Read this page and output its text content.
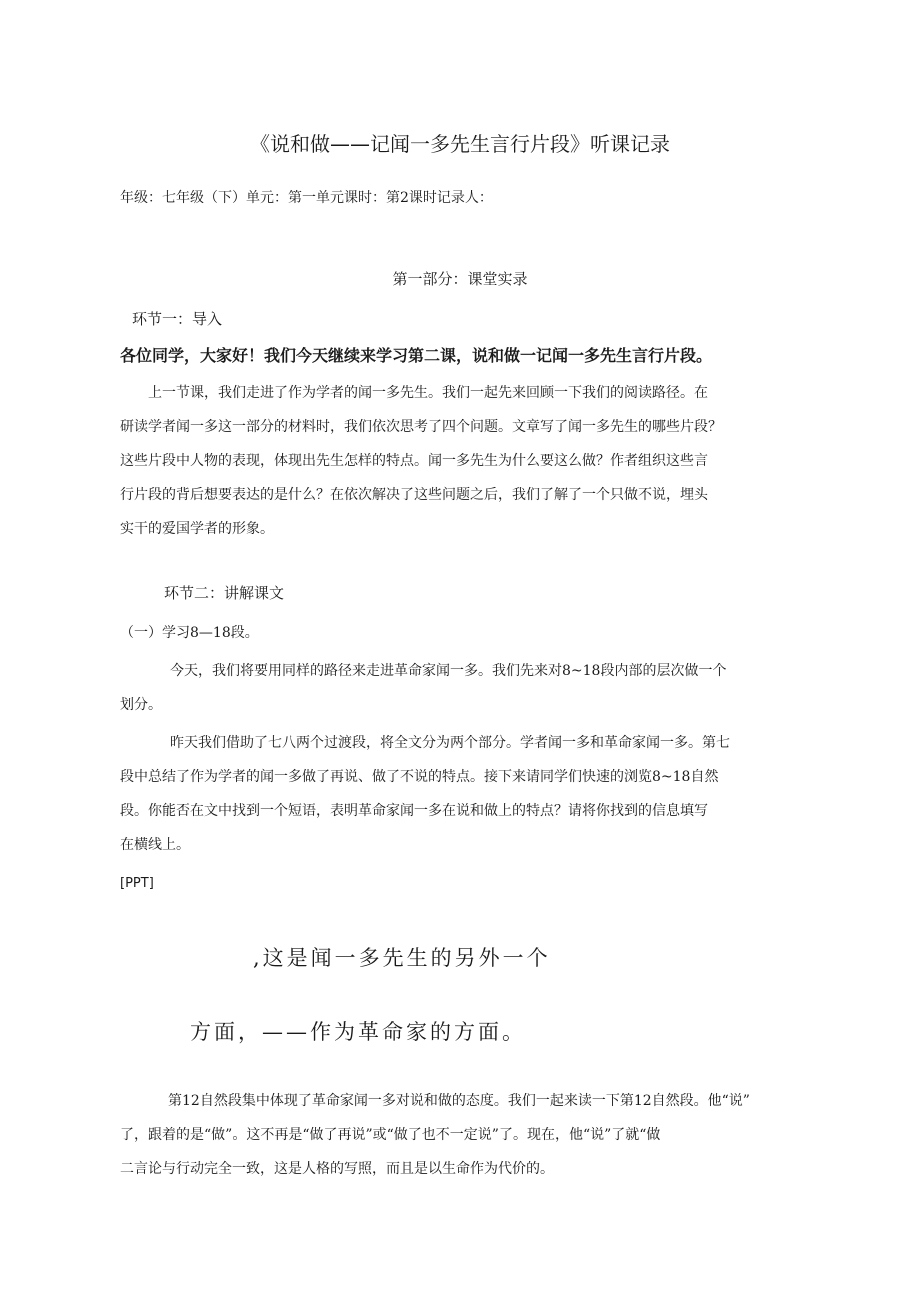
《说和做——记闻一多先生言行片段》听课记录
年级：七年级（下）单元：第一单元课时：第2课时记录人：
第一部分：课堂实录
环节一：导入
各位同学，大家好！我们今天继续来学习第二课，说和做一记闻一多先生言行片段。

上一节课，我们走进了作为学者的闻一多先生。我们一起先来回顾一下我们的阅读路径。在

研读学者闻一多这一部分的材料时，我们依次思考了四个问题。文章写了闻一多先生的哪些片段？

这些片段中人物的表现，体现出先生怎样的特点。闻一多先生为什么要这么做？作者组织这些言

行片段的背后想要表达的是什么？在依次解决了这些问题之后，我们了解了一个只做不说，埋头

实干的爱国学者的形象。

环节二：讲解课文
（一）学习8—18段。

今天，我们将要用同样的路径来走进革命家闻一多。我们先来对8~18段内部的层次做一个

划分。

昨天我们借助了七八两个过渡段，将全文分为两个部分。学者闻一多和革命家闻一多。第七

段中总结了作为学者的闻一多做了再说、做了不说的特点。接下来请同学们快速的浏览8~18自然

段。你能否在文中找到一个短语，表明革命家闻一多在说和做上的特点？请将你找到的信息填写

在横线上。

[PPT]
,这是闻一多先生的另外一个
方面，——作为革命家的方面。

第12自然段集中体现了革命家闻一多对说和做的态度。我们一起来读一下第12自然段。他“说”

了，跟着的是“做”。这不再是“做了再说”或“做了也不一定说”了。现在，他“说”了就“做

二言论与行动完全一致，这是人格的写照，而且是以生命作为代价的。
